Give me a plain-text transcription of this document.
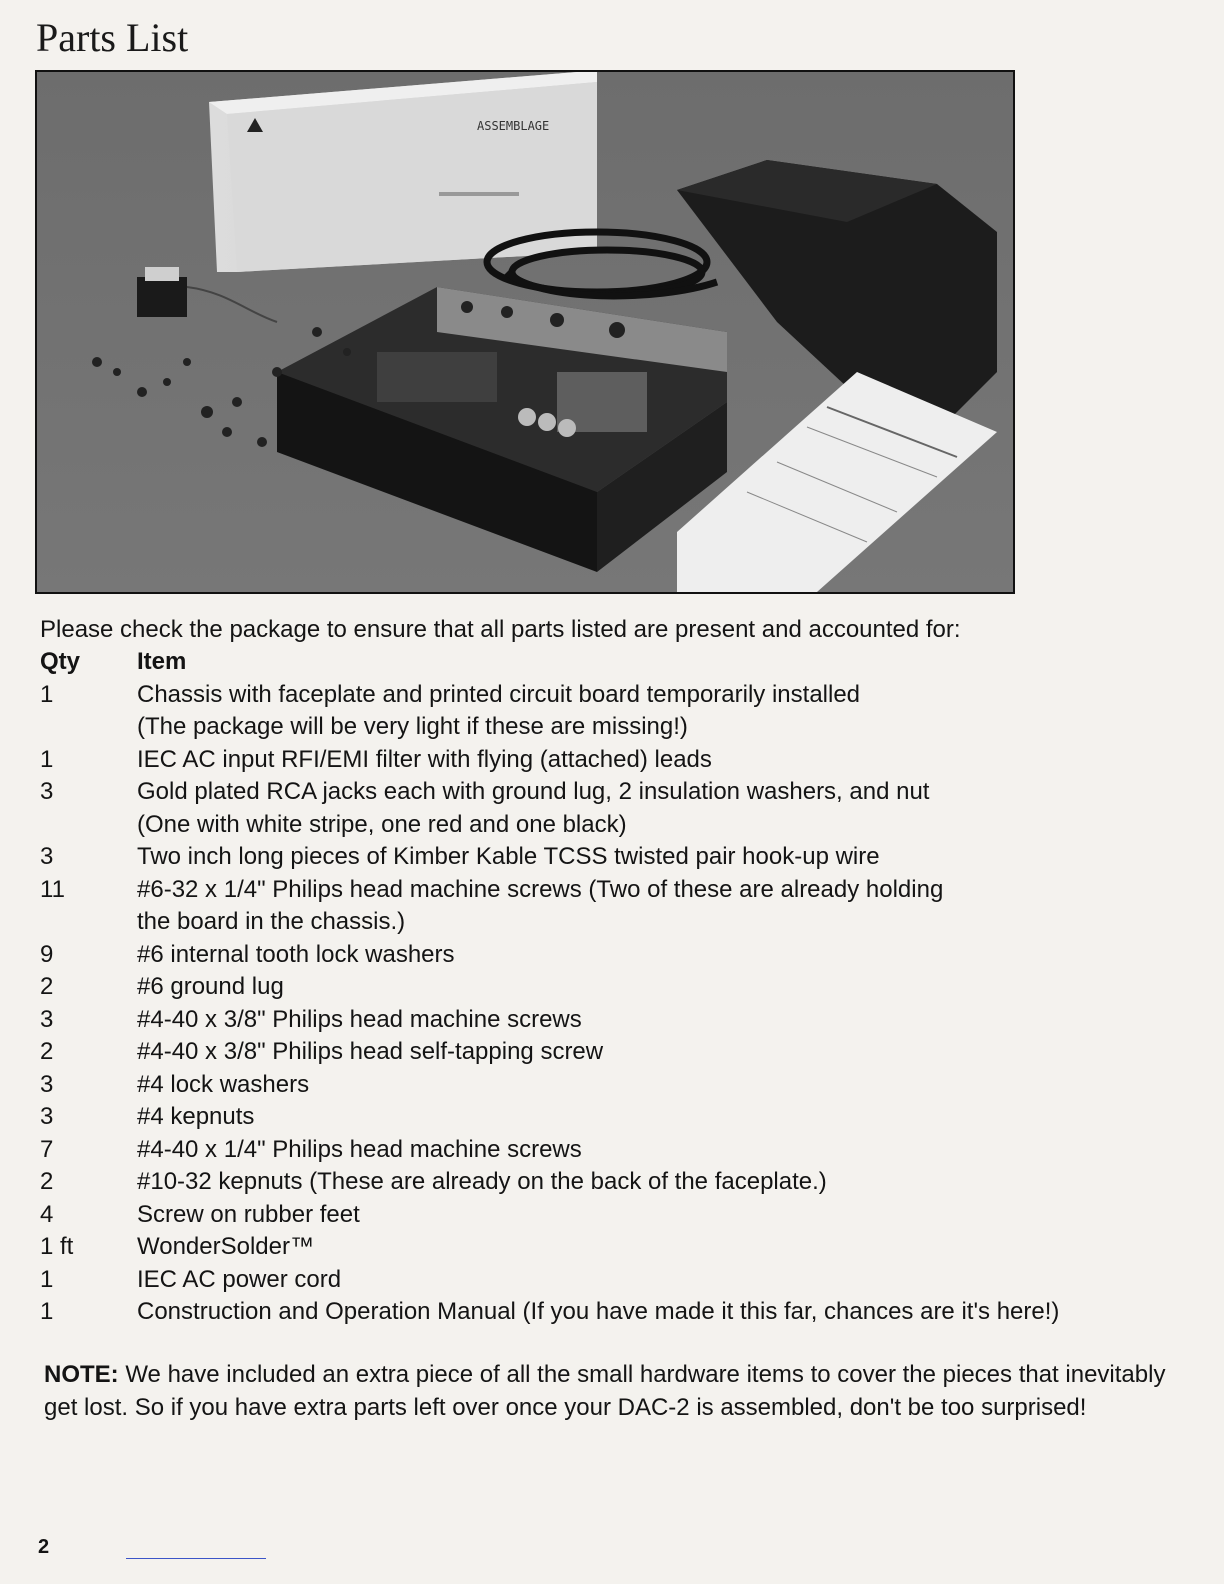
Parts List
ASSEMBLAGE

Please check the package to ensure that all parts listed are present and accounted for:

Qty	Item
1	Chassis with faceplate and printed circuit board temporarily installed
	(The package will be very light if these are missing!)
1	IEC AC input RFI/EMI filter with flying (attached) leads
3	Gold plated RCA jacks each with ground lug, 2 insulation washers, and nut
	(One with white stripe, one red and one black)
3	Two inch long pieces of Kimber Kable TCSS twisted pair hook-up wire
11	#6-32 x 1/4" Philips head machine screws (Two of these are already holding
	the board in the chassis.)
9	#6 internal tooth lock washers
2	#6 ground lug
3	#4-40 x 3/8" Philips head machine screws
2	#4-40 x 3/8" Philips head self-tapping screw
3	#4 lock washers
3	#4 kepnuts
7	#4-40 x 1/4" Philips head machine screws
2	#10-32 kepnuts (These are already on the back of the faceplate.)
4	Screw on rubber feet
1 ft	WonderSolder™
1	IEC AC power cord
1	Construction and Operation Manual (If you have made it this far, chances are it's here!)

NOTE: We have included an extra piece of all the small hardware items to cover the pieces that inevitably get lost. So if you have extra parts left over once your DAC-2 is assembled, don't be too surprised!

2
